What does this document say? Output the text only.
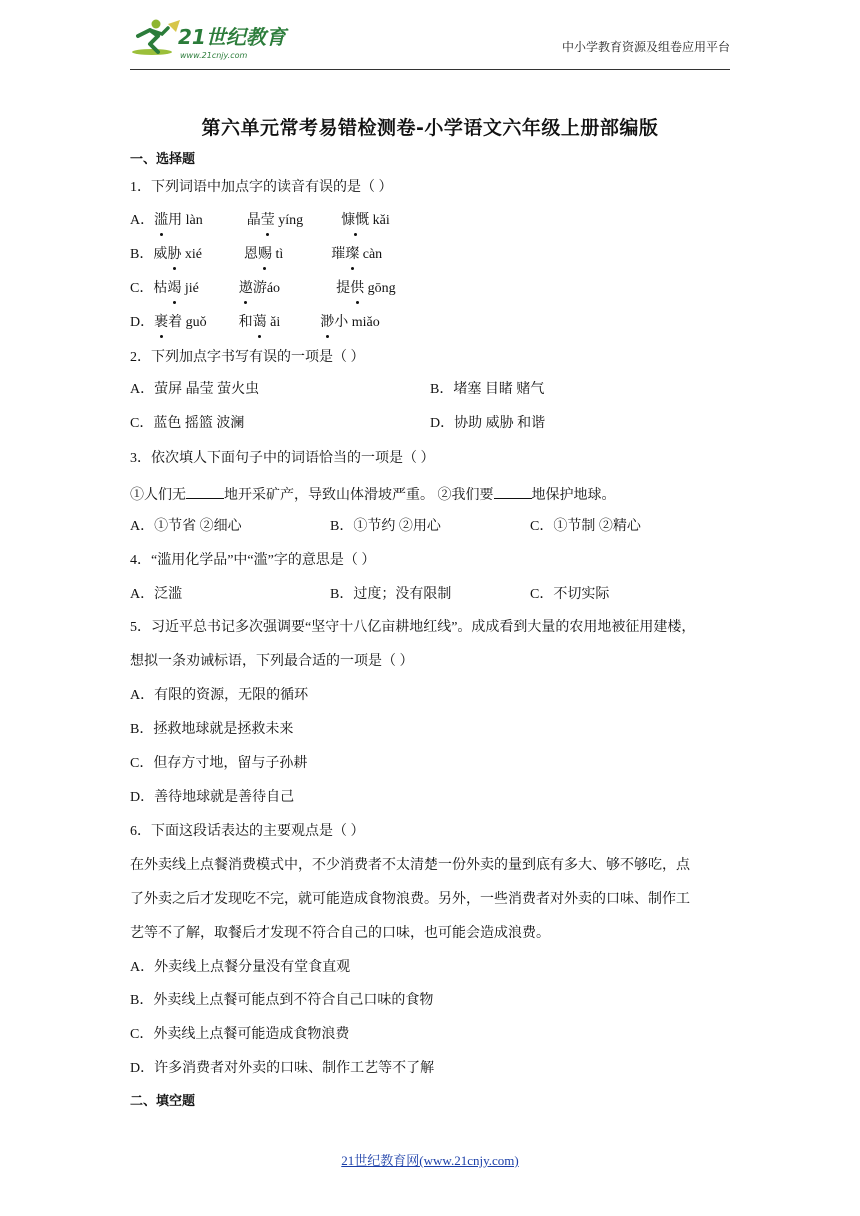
21世纪教育
www.21cnjy.com
中小学教育资源及组卷应用平台
第六单元常考易错检测卷-小学语文六年级上册部编版
一、选择题
1．下列词语中加点字的读音有误的是（ ）
A．滥用 làn	晶莹 yíng	慷慨 kǎi
B．威胁 xié	恩赐 tì	璀璨 càn
C．枯竭 jié	遨游áo	提供 gōng
D．裹着 guǒ 和蔼 ǎi	渺小 miǎo
2．下列加点字书写有误的一项是（ ）
A．萤屏 晶莹 萤火虫	B．堵塞 目睹 赌气
C．蓝色 摇篮 波澜	D．协助 威胁 和谐
3．依次填人下面句子中的词语恰当的一项是（ ）
①人们无	地开采矿产，导致山体滑坡严重。 ②我们要	地保护地球。
A．①节省 ②细心	B．①节约 ②用心	C．①节制 ②精心
4．“滥用化学品”中“滥”字的意思是（ ）
A．泛滥	B．过度；没有限制	C．不切实际
5．习近平总书记多次强调要“坚守十八亿亩耕地红线”。成成看到大量的农用地被征用建楼，
想拟一条劝诫标语，下列最合适的一项是（ ）
A．有限的资源，无限的循环
B．拯救地球就是拯救未来
C．但存方寸地，留与子孙耕
D．善待地球就是善待自己
6．下面这段话表达的主要观点是（ ）
在外卖线上点餐消费模式中，不少消费者不太清楚一份外卖的量到底有多大、够不够吃，点
了外卖之后才发现吃不完，就可能造成食物浪费。另外，一些消费者对外卖的口味、制作工
艺等不了解，取餐后才发现不符合自己的口味，也可能会造成浪费。
A．外卖线上点餐分量没有堂食直观
B．外卖线上点餐可能点到不符合自己口味的食物
C．外卖线上点餐可能造成食物浪费
D．许多消费者对外卖的口味、制作工艺等不了解
二、填空题
21世纪教育网(www.21cnjy.com)
